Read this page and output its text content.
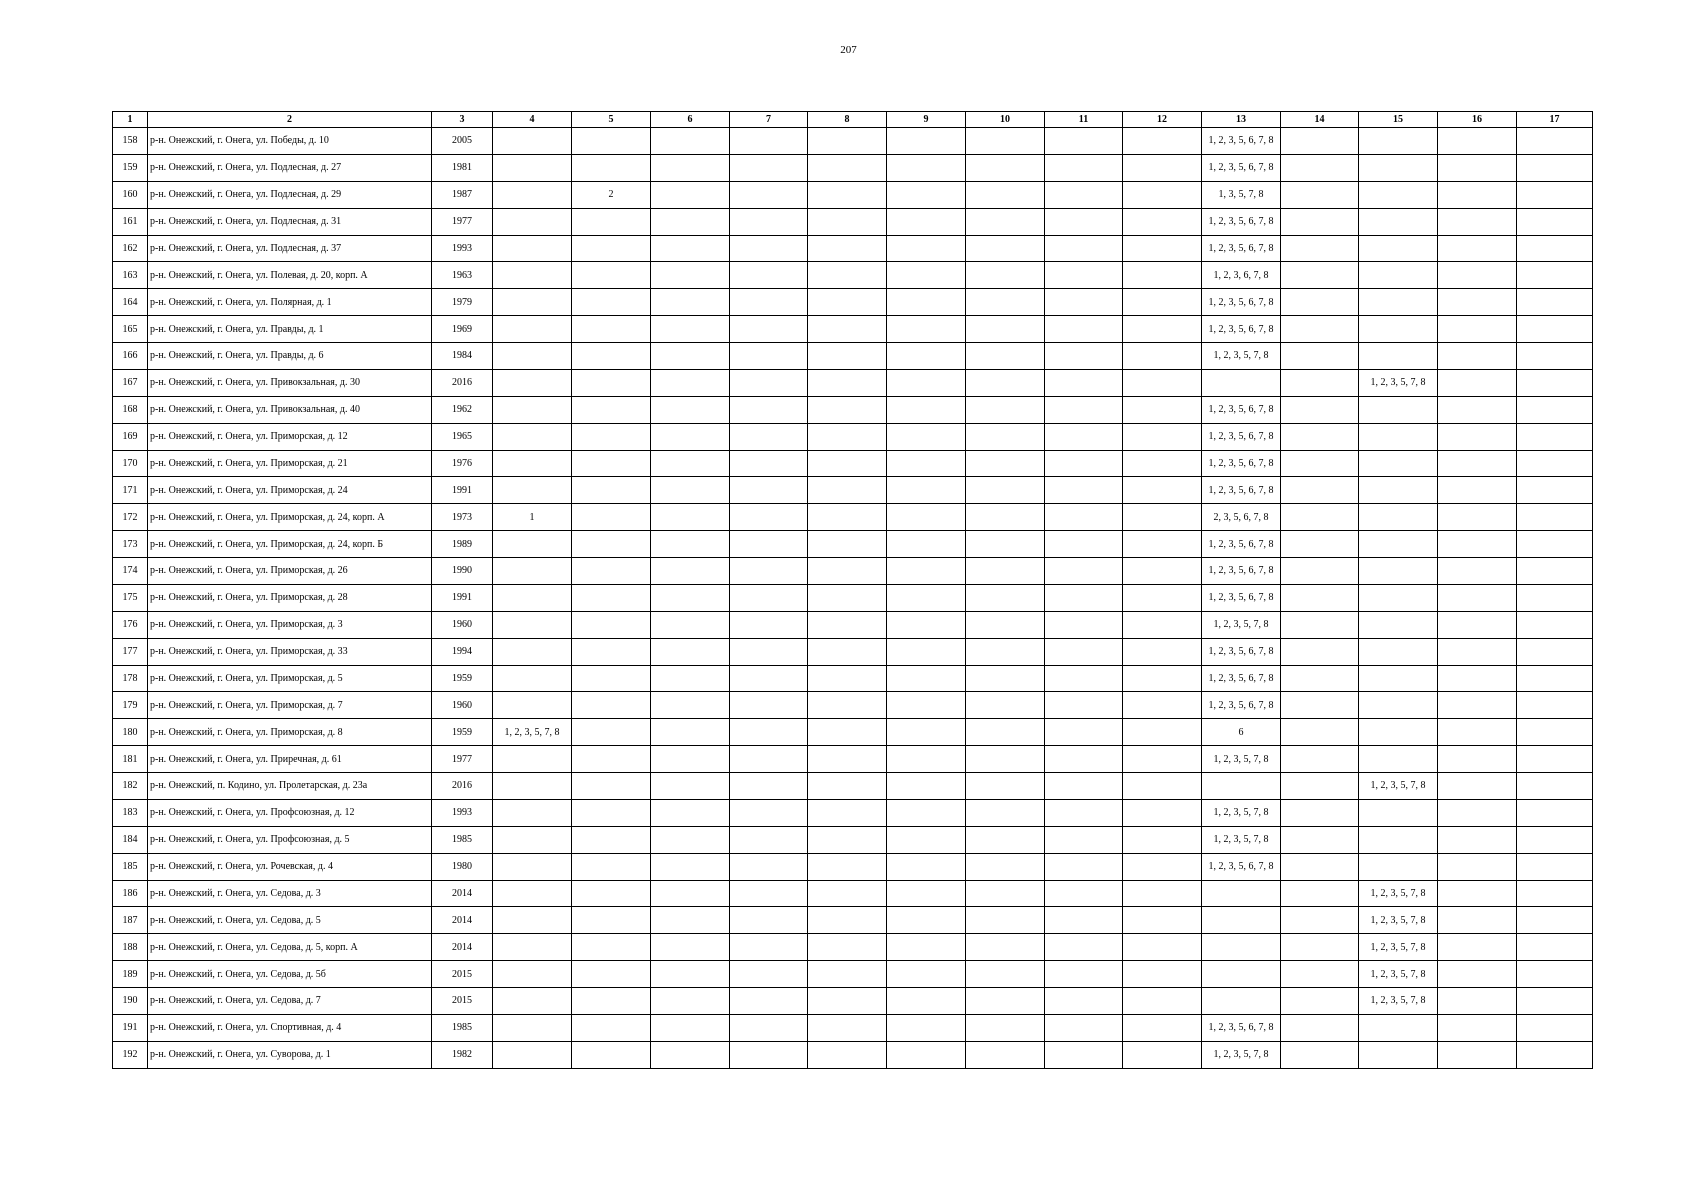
207
1	2	3	4	5	6	7	8	9	10	11	12	13	14	15	16	17
158	р-н. Онежский, г. Онега, ул. Победы, д. 10	2005										1, 2, 3, 5, 6, 7, 8				
159	р-н. Онежский, г. Онега, ул. Подлесная, д. 27	1981										1, 2, 3, 5, 6, 7, 8				
160	р-н. Онежский, г. Онега, ул. Подлесная, д. 29	1987		2								1, 3, 5, 7, 8				
161	р-н. Онежский, г. Онега, ул. Подлесная, д. 31	1977										1, 2, 3, 5, 6, 7, 8				
162	р-н. Онежский, г. Онега, ул. Подлесная, д. 37	1993										1, 2, 3, 5, 6, 7, 8				
163	р-н. Онежский, г. Онега, ул. Полевая, д. 20, корп. А	1963										1, 2, 3, 6, 7, 8				
164	р-н. Онежский, г. Онега, ул. Полярная, д. 1	1979										1, 2, 3, 5, 6, 7, 8				
165	р-н. Онежский, г. Онега, ул. Правды, д. 1	1969										1, 2, 3, 5, 6, 7, 8				
166	р-н. Онежский, г. Онега, ул. Правды, д. 6	1984										1, 2, 3, 5, 7, 8				
167	р-н. Онежский, г. Онега, ул. Привокзальная, д. 30	2016												1, 2, 3, 5, 7, 8		
168	р-н. Онежский, г. Онега, ул. Привокзальная, д. 40	1962										1, 2, 3, 5, 6, 7, 8				
169	р-н. Онежский, г. Онега, ул. Приморская, д. 12	1965										1, 2, 3, 5, 6, 7, 8				
170	р-н. Онежский, г. Онега, ул. Приморская, д. 21	1976										1, 2, 3, 5, 6, 7, 8				
171	р-н. Онежский, г. Онега, ул. Приморская, д. 24	1991										1, 2, 3, 5, 6, 7, 8				
172	р-н. Онежский, г. Онега, ул. Приморская, д. 24, корп. А	1973	1									2, 3, 5, 6, 7, 8				
173	р-н. Онежский, г. Онега, ул. Приморская, д. 24, корп. Б	1989										1, 2, 3, 5, 6, 7, 8				
174	р-н. Онежский, г. Онега, ул. Приморская, д. 26	1990										1, 2, 3, 5, 6, 7, 8				
175	р-н. Онежский, г. Онега, ул. Приморская, д. 28	1991										1, 2, 3, 5, 6, 7, 8				
176	р-н. Онежский, г. Онега, ул. Приморская, д. 3	1960										1, 2, 3, 5, 7, 8				
177	р-н. Онежский, г. Онега, ул. Приморская, д. 33	1994										1, 2, 3, 5, 6, 7, 8				
178	р-н. Онежский, г. Онега, ул. Приморская, д. 5	1959										1, 2, 3, 5, 6, 7, 8				
179	р-н. Онежский, г. Онега, ул. Приморская, д. 7	1960										1, 2, 3, 5, 6, 7, 8				
180	р-н. Онежский, г. Онега, ул. Приморская, д. 8	1959	1, 2, 3, 5, 7, 8									6				
181	р-н. Онежский, г. Онега, ул. Приречная, д. 61	1977										1, 2, 3, 5, 7, 8				
182	р-н. Онежский, п. Кодино, ул. Пролетарская, д. 23а	2016												1, 2, 3, 5, 7, 8		
183	р-н. Онежский, г. Онега, ул. Профсоюзная, д. 12	1993										1, 2, 3, 5, 7, 8				
184	р-н. Онежский, г. Онега, ул. Профсоюзная, д. 5	1985										1, 2, 3, 5, 7, 8				
185	р-н. Онежский, г. Онега, ул. Рочевская, д. 4	1980										1, 2, 3, 5, 6, 7, 8				
186	р-н. Онежский, г. Онега, ул. Седова, д. 3	2014												1, 2, 3, 5, 7, 8		
187	р-н. Онежский, г. Онега, ул. Седова, д. 5	2014												1, 2, 3, 5, 7, 8		
188	р-н. Онежский, г. Онега, ул. Седова, д. 5, корп. А	2014												1, 2, 3, 5, 7, 8		
189	р-н. Онежский, г. Онега, ул. Седова, д. 5б	2015												1, 2, 3, 5, 7, 8		
190	р-н. Онежский, г. Онега, ул. Седова, д. 7	2015												1, 2, 3, 5, 7, 8		
191	р-н. Онежский, г. Онега, ул. Спортивная, д. 4	1985										1, 2, 3, 5, 6, 7, 8				
192	р-н. Онежский, г. Онега, ул. Суворова, д. 1	1982										1, 2, 3, 5, 7, 8				
